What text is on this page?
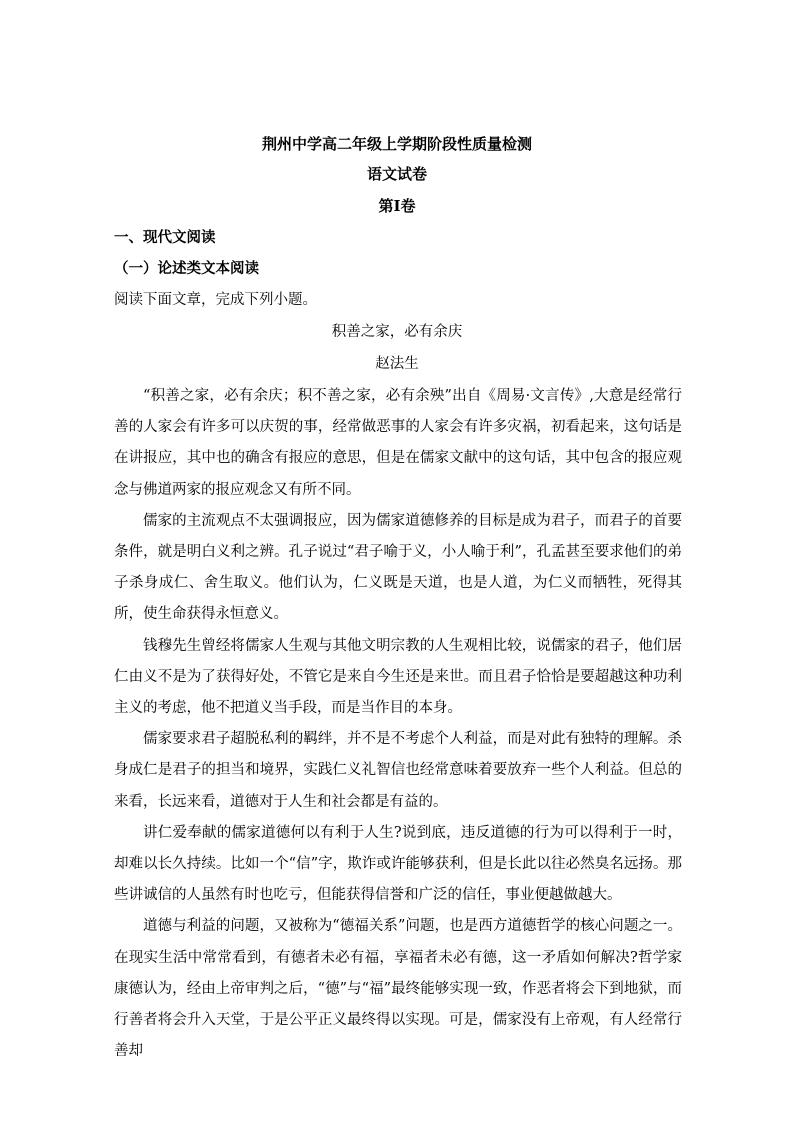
荆州中学高二年级上学期阶段性质量检测
语文试卷
第Ⅰ卷
一、现代文阅读
（一）论述类文本阅读
阅读下面文章，完成下列小题。
积善之家，必有余庆
赵法生

“积善之家，必有余庆；积不善之家，必有余殃”出自《周易·文言传》,大意是经常行善的人家会有许多可以庆贺的事，经常做恶事的人家会有许多灾祸，初看起来，这句话是在讲报应，其中也的确含有报应的意思，但是在儒家文献中的这句话，其中包含的报应观念与佛道两家的报应观念又有所不同。

儒家的主流观点不太强调报应，因为儒家道德修养的目标是成为君子，而君子的首要条件，就是明白义利之辨。孔子说过“君子喻于义，小人喻于利”，孔孟甚至要求他们的弟子杀身成仁、舍生取义。他们认为，仁义既是天道，也是人道，为仁义而牺牲，死得其所，使生命获得永恒意义。

钱穆先生曾经将儒家人生观与其他文明宗教的人生观相比较，说儒家的君子，他们居仁由义不是为了获得好处，不管它是来自今生还是来世。而且君子恰恰是要超越这种功利主义的考虑，他不把道义当手段，而是当作目的本身。

儒家要求君子超脱私利的羁绊，并不是不考虑个人利益，而是对此有独特的理解。杀身成仁是君子的担当和境界，实践仁义礼智信也经常意味着要放弃一些个人利益。但总的来看，长远来看，道德对于人生和社会都是有益的。

讲仁爱奉献的儒家道德何以有利于人生?说到底，违反道德的行为可以得利于一时，却难以长久持续。比如一个“信”字，欺诈或许能够获利，但是长此以往必然臭名远扬。那些讲诚信的人虽然有时也吃亏，但能获得信誉和广泛的信任，事业便越做越大。

道德与利益的问题，又被称为“德福关系”问题，也是西方道德哲学的核心问题之一。在现实生活中常常看到，有德者未必有福，享福者未必有德，这一矛盾如何解决?哲学家康德认为，经由上帝审判之后，“德”与“福”最终能够实现一致，作恶者将会下到地狱，而行善者将会升入天堂，于是公平正义最终得以实现。可是，儒家没有上帝观，有人经常行善却
